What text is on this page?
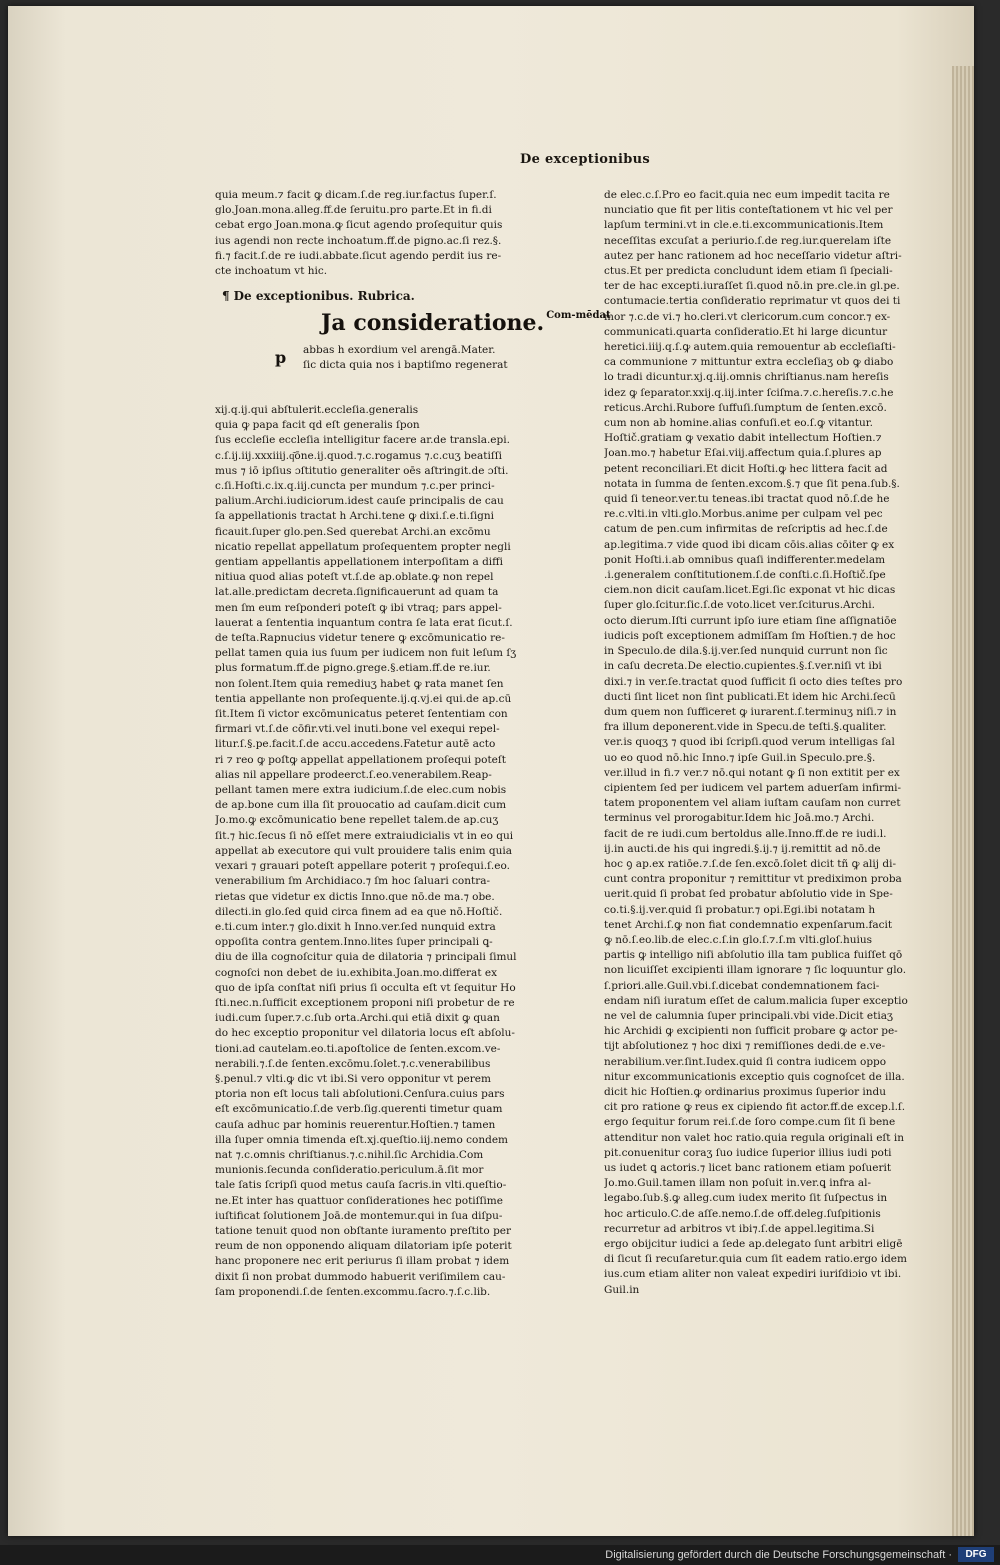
De exceptionibus
quia meum.⁊ facit ꝙ dicam.ſ.de reg.iur.factus ſuper.ſ.
glo.Joan.mona.alleg.ff.de ſeruitu.pro parte.Et in fi.di
cebat ergo Joan.mona.ꝙ ſicut agendo proſequitur quis
ius agendi non recte inchoatum.ff.de pigno.ac.ſi rez.§.
fi.⁊ facit.ſ.de re iudi.abbate.ſicut agendo perdit ius re-
cte inchoatum vt hic.
¶ De exceptionibus. Rubrica.
Ja consideratione. $^{Com-mēdat}$
p abbas h exordium vel arengā.Mater.
ſic dicta quia nos i baptiſmo regenerat
xij.q.ij.qui abſtulerit.eccleſia.generalis
quia ꝙ papa facit qd eſt generalis ſpon
ſus eccleſie eccleſia intelligitur facere ar.de transla.epi.
c.ſ.ij.iij.xxxiiij.q͂ōne.ij.quod.⁊.c.rogamus ⁊.c.cuʒ beatiſſi
mus ⁊ iō ipſius ɔſtitutio generaliter oēs aſtringit.de ɔſti.
c.ſi.Hoſti.c.ix.q.iij.cuncta per mundum ⁊.c.per princi-
palium.Archi.iudiciorum.idest cauſe principalis de cau
ſa appellationis tractat h Archi.tene ꝙ dixi.ſ.e.ti.ſigni
ficauit.ſuper glo.pen.Sed querebat Archi.an excōmu
nicatio repellat appellatum proſequentem propter negli
gentiam appellantis appellationem interpoſitam a diffi
nitiua quod alias poteſt vt.ſ.de ap.oblate.ꝙ non repel
lat.alle.predictam decreta.ſignificauerunt ad quam ta
men ſm eum reſponderi poteſt ꝙ ibi vtraq; pars appel-
lauerat a ſententia inquantum contra ſe lata erat ſicut.ſ.
de teſta.Rapnucius videtur tenere ꝙ excōmunicatio re-
pellat tamen quia ius ſuum per iudicem non fuit leſum ſʒ
plus formatum.ff.de pigno.grege.§.etiam.ff.de re.iur.
non ſolent.Item quia remediuʒ habet ꝙ rata manet ſen
tentia appellante non proſequente.ij.q.vj.ei qui.de ap.cū
ſit.Item ſi victor excōmunicatus peteret ſententiam con
firmari vt.ſ.de cōfir.vti.vel inuti.bone vel exequi repel-
litur.ſ.§.pe.facit.ſ.de accu.accedens.Fatetur autē acto
ri ⁊ reo ꝙ poſtꝙ appellat appellationem proſequi poteſt
alias nil appellare prodeerct.ſ.eo.venerabilem.Reap-
pellant tamen mere extra iudicium.ſ.de elec.cum nobis
de ap.bone cum illa ſit prouocatio ad cauſam.dicit cum
Jo.mo.ꝙ excōmunicatio bene repellet talem.de ap.cuʒ
ſit.⁊ hic.ſecus ſi nō eſſet mere extraiudicialis vt in eo qui
appellat ab executore qui vult prouidere talis enim quia
vexari ⁊ grauari poteſt appellare poterit ⁊ proſequi.ſ.eo.
venerabilium ſm Archidiaco.⁊ ſm hoc ſaluari contra-
rietas que videtur ex dictis Inno.que nō.de ma.⁊ obe.
dilecti.in glo.ſed quid circa finem ad ea que nō.Hoſtič.
e.ti.cum inter.⁊ glo.dixit h Inno.ver.ſed nunquid extra
oppoſita contra gentem.Inno.lites ſuper principali ꝗ-
diu de illa cognoſcitur quia de dilatoria ⁊ principali ſimul
cognoſci non debet de iu.exhibita.Joan.mo.differat ex
quo de ipſa conſtat niſi prius ſi occulta eſt vt ſequitur Ho
ſti.nec.n.ſufficit exceptionem proponi niſi probetur de re
iudi.cum ſuper.⁊.c.ſub orta.Archi.qui etiā dixit ꝙ quan
do hec exceptio proponitur vel dilatoria locus eſt abſolu-
tioni.ad cautelam.eo.ti.apoſtolice de ſenten.excom.ve-
nerabili.⁊.ſ.de ſenten.excōmu.ſolet.⁊.c.venerabilibus
§.penul.⁊ vlti.ꝙ dic vt ibi.Si vero opponitur vt perem
ptoria non eſt locus tali abſolutioni.Cenſura.cuius pars
eſt excōmunicatio.ſ.de verb.ſig.querenti timetur quam
cauſa adhuc par hominis reuerentur.Hoſtien.⁊ tamen
illa ſuper omnia timenda eſt.xj.queſtio.iij.nemo condem
nat ⁊.c.omnis chriſtianus.⁊.c.nihil.ſic Archidia.Com
munionis.ſecunda conſideratio.periculum.ā.ſit mor
tale ſatis ſcripſi quod metus cauſa ſacris.in vlti.queſtio-
ne.Et inter has quattuor conſiderationes hec potiſſime
iuſtificat ſolutionem Joā.de montemur.qui in ſua diſpu-
tatione tenuit quod non obſtante iuramento preſtito per
reum de non opponendo aliquam dilatoriam ipſe poterit
hanc proponere nec erit periurus ſi illam probat ⁊ idem
dixit ſi non probat dummodo habuerit veriſimilem cau-
ſam proponendi.ſ.de ſenten.excommu.ſacro.⁊.ſ.c.lib.
de elec.c.ſ.Pro eo facit.quia nec eum impedit tacita re
nunciatio que fit per litis conteſtationem vt hic vel per
lapſum termini.vt in cle.e.ti.excommunicationis.Item
neceſſitas excuſat a periurio.ſ.de reg.iur.querelam iſte
autez per hanc rationem ad hoc neceſſario videtur aſtri-
ctus.Et per predicta concludunt idem etiam ſi ſpeciali-
ter de hac excepti.iuraſſet ſi.quod nō.in pre.cle.in gl.pe.
contumacie.tertia conſideratio reprimatur vt quos dei ti
mor ⁊.c.de vi.⁊ ho.cleri.vt clericorum.cum concor.⁊ ex-
communicati.quarta conſideratio.Et hi large dicuntur
heretici.iiij.q.ſ.ꝙ autem.quia remouentur ab eccleſiaſti-
ca communione ⁊ mittuntur extra eccleſiaʒ ob ꝙ diabo
lo tradi dicuntur.xj.q.iij.omnis chriſtianus.nam hereſis
idez ꝙ ſeparator.xxij.q.iij.inter ſciſma.⁊.c.hereſis.⁊.c.he
reticus.Archi.Rubore ſuffuſi.ſumptum de ſenten.excō.
cum non ab homine.alias confuſi.et eo.ſ.ꝙ vitantur.
Hoſtič.gratiam ꝙ vexatio dabit intellectum Hoſtien.⁊
Joan.mo.⁊ habetur Eſai.viij.affectum quia.ſ.plures ap
petent reconciliari.Et dicit Hoſti.ꝙ hec littera facit ad
notata in ſumma de ſenten.excom.§.⁊ que ſit pena.ſub.§.
quid ſi teneor.ver.tu teneas.ibi tractat quod nō.ſ.de he
re.c.vlti.in vlti.glo.Morbus.anime per culpam vel pec
catum de pen.cum infirmitas de reſcriptis ad hec.ſ.de
ap.legitima.⁊ vide quod ibi dicam cōis.alias cōiter ꝙ ex
ponit Hoſti.i.ab omnibus quaſi indifferenter.medelam
.i.generalem conſtitutionem.ſ.de conſti.c.ſi.Hoſtič.ſpe
ciem.non dicit cauſam.licet.Egi.ſic exponat vt hic dicas
ſuper glo.ſcitur.ſic.ſ.de voto.licet ver.ſciturus.Archi.
octo dierum.Iſti currunt ipſo iure etiam ſine aſſignatiōe
iudicis poſt exceptionem admiſſam ſm Hoſtien.⁊ de hoc
in Speculo.de dila.§.ij.ver.ſed nunquid currunt non ſic
in caſu decreta.De electio.cupientes.§.ſ.ver.niſi vt ibi
dixi.⁊ in ver.ſe.tractat quod ſufficit ſi octo dies teſtes pro
ducti ſint licet non ſint publicati.Et idem hic Archi.ſecū
dum quem non ſufficeret ꝙ iurarent.ſ.terminuʒ niſi.⁊ in
fra illum deponerent.vide in Specu.de teſti.§.qualiter.
ver.is quoqʒ ⁊ quod ibi ſcripſi.quod verum intelligas ſal
uo eo quod nō.hic Inno.⁊ ipſe Guil.in Speculo.pre.§.
ver.illud in fi.⁊ ver.⁊ nō.qui notant ꝙ ſi non extitit per ex
cipientem ſed per iudicem vel partem aduerſam infirmi-
tatem proponentem vel aliam iuſtam cauſam non curret
terminus vel prorogabitur.Idem hic Joā.mo.⁊ Archi.
facit de re iudi.cum bertoldus alle.Inno.ff.de re iudi.l.
ij.in aucti.de his qui ingredi.§.ij.⁊ ij.remittit ad nō.de
hoc ꝯ ap.ex ratiōe.⁊.ſ.de ſen.excō.ſolet dicit tñ ꝙ alij di-
cunt contra proponitur ⁊ remittitur vt prediximon proba
uerit.quid ſi probat ſed probatur abſolutio vide in Spe-
co.ti.§.ij.ver.quid ſi probatur.⁊ opi.Egi.ibi notatam h
tenet Archi.ſ.ꝙ non fiat condemnatio expenſarum.facit
ꝙ nō.ſ.eo.lib.de elec.c.ſ.in glo.ſ.⁊.ſ.m vlti.gloſ.huius
partis ꝙ intelligo niſi abſolutio illa tam publica fuiſſet qō
non licuiſſet excipienti illam ignorare ⁊ ſic loquuntur glo.
ſ.priori.alle.Guil.vbi.ſ.dicebat condemnationem faci-
endam niſi iuratum eſſet de calum.malicia ſuper exceptio
ne vel de calumnia ſuper principali.vbi vide.Dicit etiaʒ
hic Archidi ꝙ excipienti non ſufficit probare ꝙ actor pe-
tijt abſolutionez ⁊ hoc dixi ⁊ remiſſiones dedi.de e.ve-
nerabilium.ver.ſint.Iudex.quid ſi contra iudicem oppo
nitur excommunicationis exceptio quis cognoſcet de illa.
dicit hic Hoſtien.ꝙ ordinarius proximus ſuperior indu
cit pro ratione ꝙ reus ex cipiendo fit actor.ff.de excep.l.ſ.
ergo ſequitur forum rei.ſ.de ſoro compe.cum ſit ſi bene
attenditur non valet hoc ratio.quia regula originali eſt in
pit.conuenitur coraʒ ſuo iudice ſuperior illius iudi poti
us iudet ꝗ actoris.⁊ licet banc rationem etiam poſuerit
Jo.mo.Guil.tamen illam non poſuit in.ver.ꝗ infra al-
legabo.ſub.§.ꝙ alleg.cum iudex merito ſit ſuſpectus in
hoc articulo.C.de aſſe.nemo.ſ.de off.deleg.ſuſpitionis
recurretur ad arbitros vt ibi⁊.ſ.de appel.legitima.Si
ergo obijcitur iudici a ſede ap.delegato ſunt arbitri eligē
di ſicut ſi recuſaretur.quia cum ſit eadem ratio.ergo idem
ius.cum etiam aliter non valeat expediri iuriſdiɔio vt ibi.
Guil.in
Digitalisierung gefördert durch die Deutsche Forschungsgemeinschaft ·	DFG
